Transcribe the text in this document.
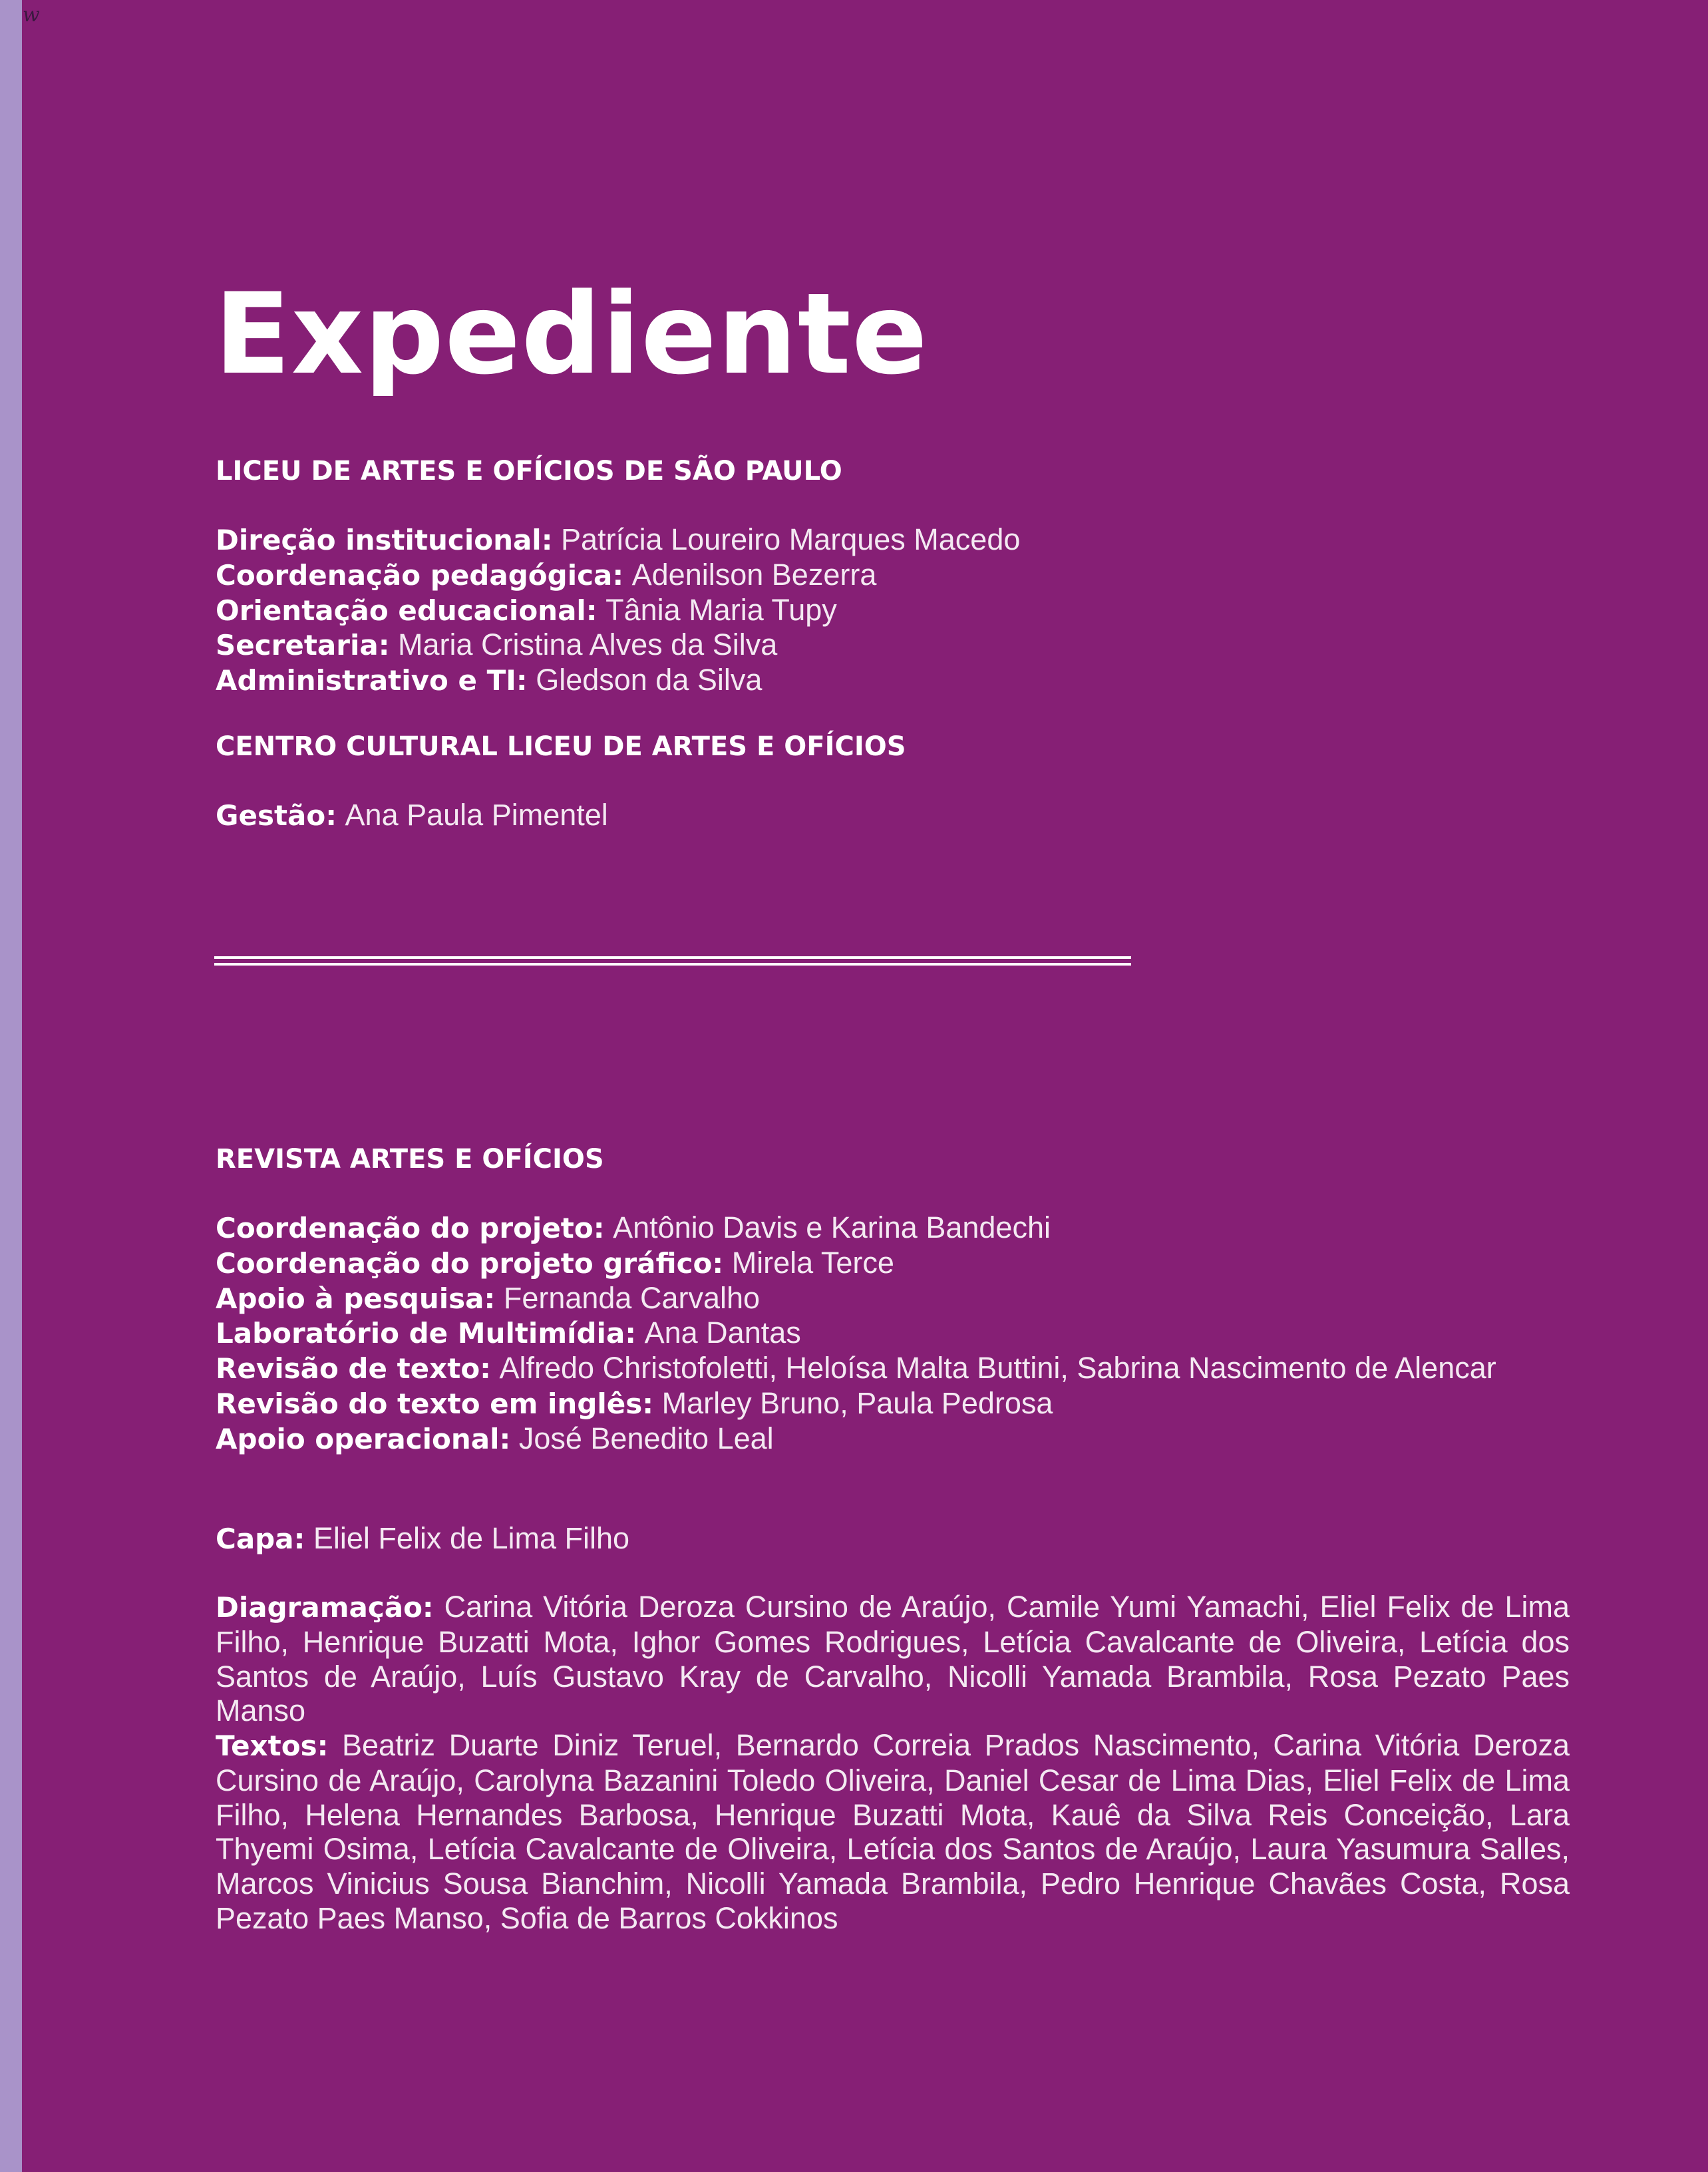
w
Expediente
LICEU DE ARTES E OFÍCIOS DE SÃO PAULO

Direção institucional: Patrícia Loureiro Marques Macedo

Coordenação pedagógica: Adenilson Bezerra

Orientação educacional: Tânia Maria Tupy

Secretaria: Maria Cristina Alves da Silva

Administrativo e TI: Gledson da Silva

CENTRO CULTURAL LICEU DE ARTES E OFÍCIOS

Gestão: Ana Paula Pimentel

REVISTA ARTES E OFÍCIOS

Coordenação do projeto: Antônio Davis e Karina Bandechi

Coordenação do projeto gráfico: Mirela Terce

Apoio à pesquisa: Fernanda Carvalho

Laboratório de Multimídia: Ana Dantas

Revisão de texto: Alfredo Christofoletti, Heloísa Malta Buttini, Sabrina Nascimento de Alencar

Revisão do texto em inglês: Marley Bruno, Paula Pedrosa

Apoio operacional: José Benedito Leal

Capa: Eliel Felix de Lima Filho

Diagramação: Carina Vitória Deroza Cursino de Araújo, Camile Yumi Yamachi, Eliel Felix de Lima Filho, Henrique Buzatti Mota, Ighor Gomes Rodrigues, Letícia Cavalcante de Oliveira, Letícia dos Santos de Araújo, Luís Gustavo Kray de Carvalho, Nicolli Yamada Brambila, Rosa Pezato Paes Manso

Textos: Beatriz Duarte Diniz Teruel, Bernardo Correia Prados Nascimento, Carina Vitória Deroza Cursino de Araújo, Carolyna Bazanini Toledo Oliveira, Daniel Cesar de Lima Dias, Eliel Felix de Lima Filho, Helena Hernandes Barbosa, Henrique Buzatti Mota, Kauê da Silva Reis Conceição, Lara Thyemi Osima, Letícia Cavalcante de Oliveira, Letícia dos Santos de Araújo, Laura Yasumura Salles, Marcos Vinicius Sousa Bianchim, Nicolli Yamada Brambila, Pedro Henrique Chavães Costa, Rosa Pezato Paes Manso, Sofia de Barros Cokkinos
